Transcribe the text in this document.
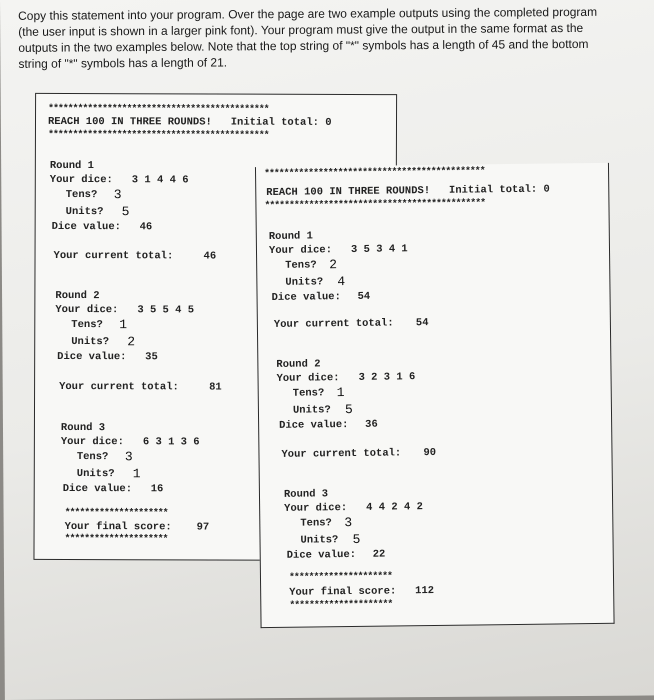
Copy this statement into your program. Over the page are two example outputs using the completed program (the user input is shown in a larger pink font). Your program must give the output in the same format as the outputs in the two examples below. Note that the top string of "*" symbols has a length of 45 and the bottom string of "*" symbols has a length of 21.

*********************************************
REACH 100 IN THREE ROUNDS!   Initial total: 0
*********************************************
Round 1
Your dice: 3 1 4 4 6
Tens? 3
Units? 5
Dice value: 46
Your current total:	46
Round 2
Your dice: 3 5 5 4 5
Tens? 1
Units? 2
Dice value: 35
Your current total:	81
Round 3
Your dice: 6 3 1 3 6
Tens? 3
Units? 1
Dice value: 16
*********************
Your final score: 97
*********************
*********************************************
REACH 100 IN THREE ROUNDS!   Initial total: 0
*********************************************
Round 1
Your dice: 3 5 3 4 1
Tens? 2
Units? 4
Dice value: 54
Your current total: 54
Round 2
Your dice: 3 2 3 1 6
Tens? 1
Units? 5
Dice value: 36
Your current total: 90
Round 3
Your dice: 4 4 2 4 2
Tens? 3
Units? 5
Dice value: 22
*********************
Your final score: 112
*********************
